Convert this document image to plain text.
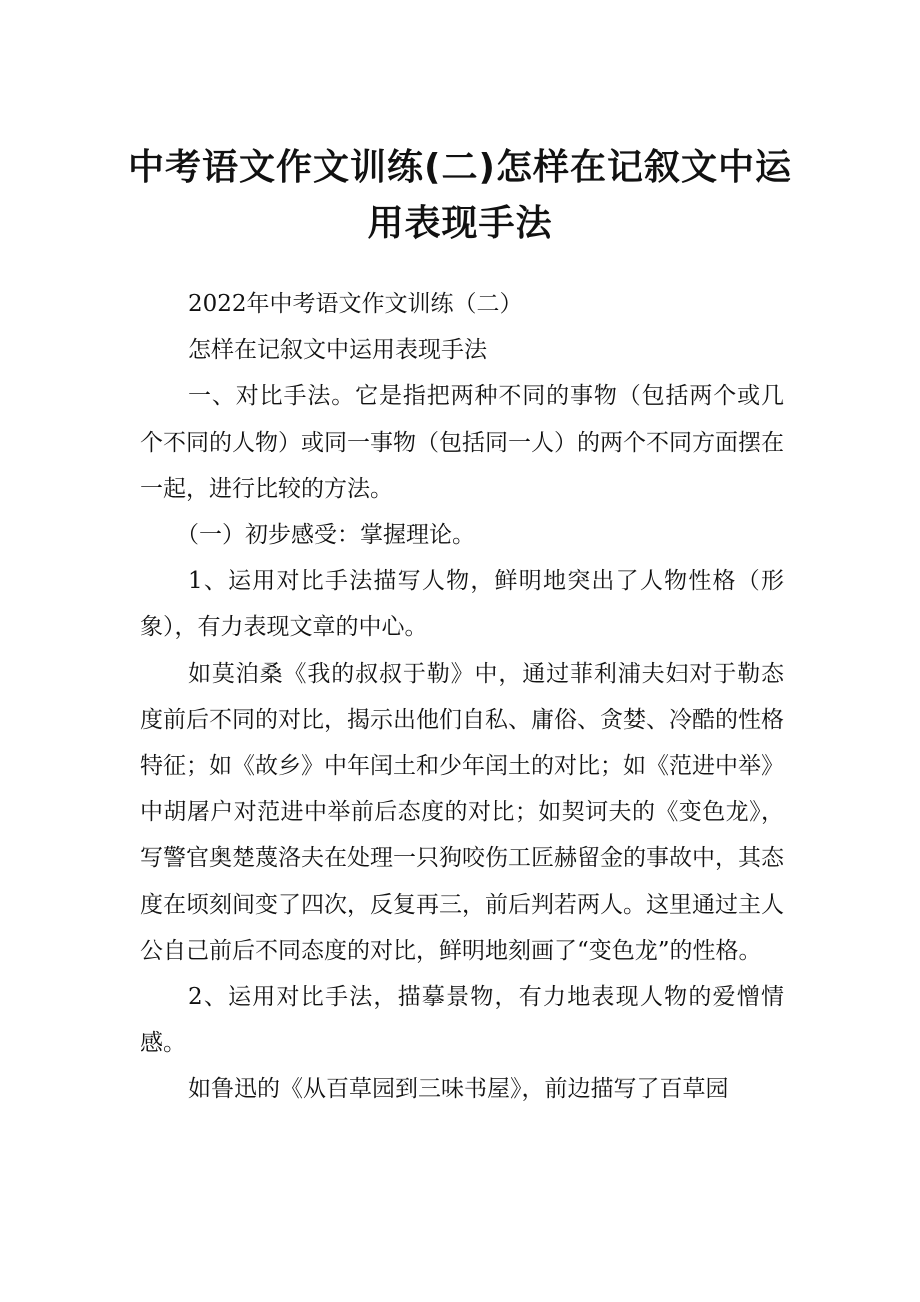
中考语文作文训练(二)怎样在记叙文中运用表现手法

2022年中考语文作文训练（二）

怎样在记叙文中运用表现手法

一、对比手法。它是指把两种不同的事物（包括两个或几个不同的人物）或同一事物（包括同一人）的两个不同方面摆在一起，进行比较的方法。

（一）初步感受：掌握理论。

1、运用对比手法描写人物，鲜明地突出了人物性格（形象），有力表现文章的中心。

如莫泊桑《我的叔叔于勒》中，通过菲利浦夫妇对于勒态度前后不同的对比，揭示出他们自私、庸俗、贪婪、冷酷的性格特征；如《故乡》中年闰土和少年闰土的对比；如《范进中举》中胡屠户对范进中举前后态度的对比；如契诃夫的《变色龙》，写警官奥楚蔑洛夫在处理一只狗咬伤工匠赫留金的事故中，其态度在顷刻间变了四次，反复再三，前后判若两人。这里通过主人公自己前后不同态度的对比，鲜明地刻画了“变色龙”的性格。

2、运用对比手法，描摹景物，有力地表现人物的爱憎情感。

如鲁迅的《从百草园到三味书屋》，前边描写了百草园
